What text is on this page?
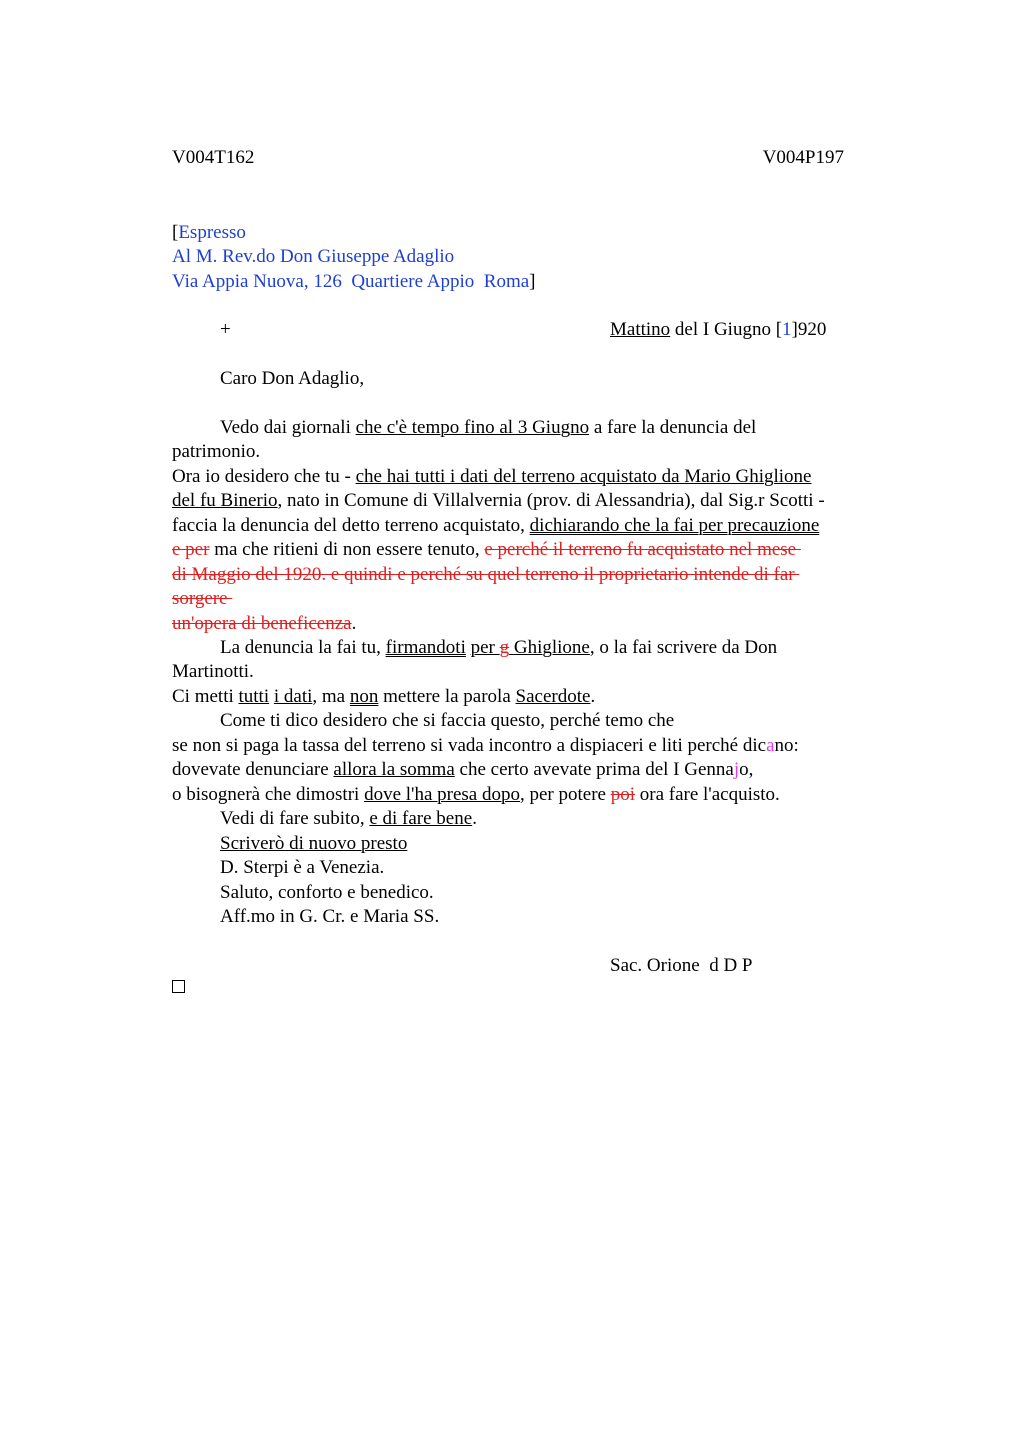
V004T162	V004P197
[Espresso
Al M. Rev.do Don Giuseppe Adaglio
Via Appia Nuova, 126  Quartiere Appio  Roma]
+	Mattino del I Giugno [1]920
Caro Don Adaglio,
Vedo dai giornali che c'è tempo fino al 3 Giugno a fare la denuncia del
patrimonio.
Ora io desidero che tu - che hai tutti i dati del terreno acquistato da Mario Ghiglione
del fu Binerio, nato in Comune di Villalvernia (prov. di Alessandria), dal Sig.r Scotti -
faccia la denuncia del detto terreno acquistato, dichiarando che la fai per precauzione
e per ma che ritieni di non essere tenuto, e perché il terreno fu acquistato nel mese
di Maggio del 1920. e quindi e perché su quel terreno il proprietario intende di far
sorgere
un'opera di beneficenza.
La denuncia la fai tu, firmandoti per g Ghiglione, o la fai scrivere da Don
Martinotti.
Ci metti tutti i dati, ma non mettere la parola Sacerdote.
Come ti dico desidero che si faccia questo, perché temo che
se non si paga la tassa del terreno si vada incontro a dispiaceri e liti perché dicano:
dovevate denunciare allora la somma che certo avevate prima del I Gennajo,
o bisognerà che dimostri dove l'ha presa dopo, per potere poi ora fare l'acquisto.
Vedi di fare subito, e di fare bene.
Scriverò di nuovo presto
D. Sterpi è a Venezia.
Saluto, conforto e benedico.
Aff.mo in G. Cr. e Maria SS.
Sac. Orione  d D P
